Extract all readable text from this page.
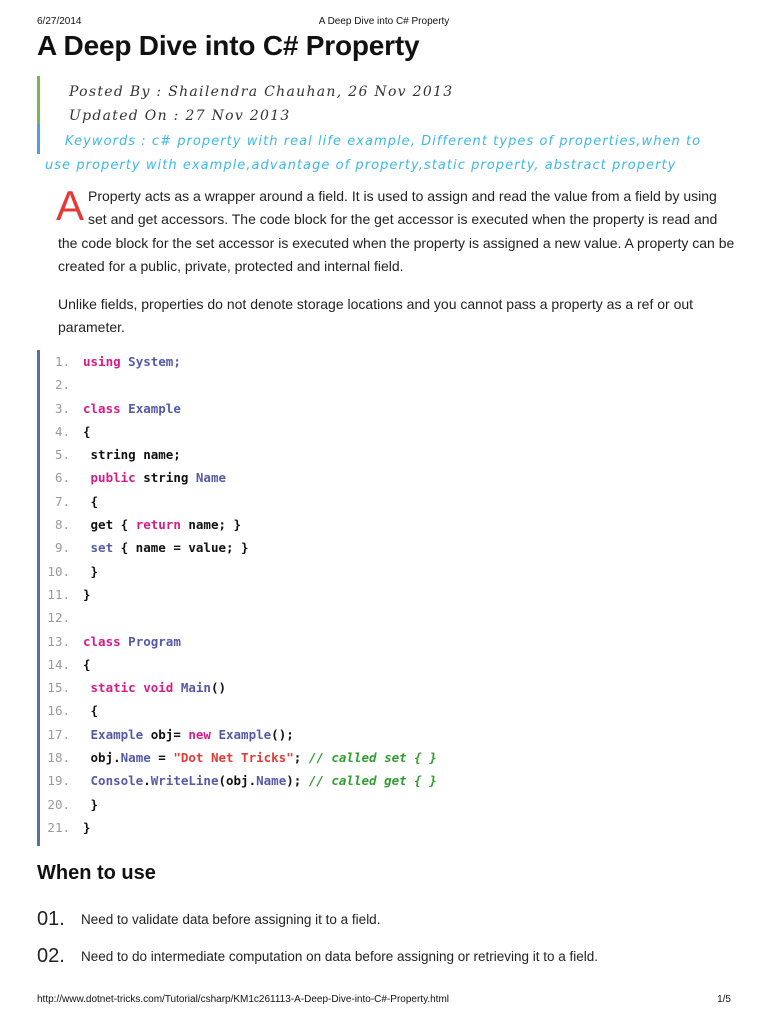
6/27/2014	A Deep Dive into C# Property
A Deep Dive into C# Property
Posted By : Shailendra Chauhan, 26 Nov 2013
Updated On : 27 Nov 2013
Keywords : c# property with real life example, Different types of properties,when to use property with example,advantage of property,static property, abstract property
A Property acts as a wrapper around a field. It is used to assign and read the value from a field by using set and get accessors. The code block for the get accessor is executed when the property is read and the code block for the set accessor is executed when the property is assigned a new value. A property can be created for a public, private, protected and internal field.
Unlike fields, properties do not denote storage locations and you cannot pass a property as a ref or out parameter.
1. using System;
2.
3. class Example
4. {
5. string name;
6.	public string Name
7. {
8. get { return name; }
9.	set { name = value; }
10. }
11. }
12.
13. class Program
14. {
15.	static void Main()
16. {
17.	Example obj= new Example();
18.	obj.Name = "Dot Net Tricks"; // called set { }
19.	Console.WriteLine(obj.Name); // called get { }
20. }
21. }
When to use
01. Need to validate data before assigning it to a field.
02. Need to do intermediate computation on data before assigning or retrieving it to a field.
http://www.dotnet-tricks.com/Tutorial/csharp/KM1c261113-A-Deep-Dive-into-C#-Property.html	1/5
